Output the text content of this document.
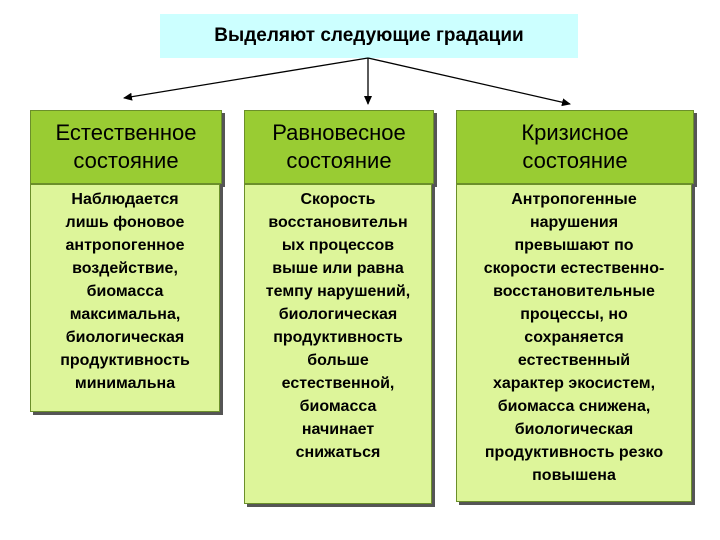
Выделяют следующие градации
Естественное
состояние
Наблюдается
лишь фоновое
антропогенное
воздействие,
биомасса
максимальна,
биологическая
продуктивность
минимальна
Равновесное
состояние
Скорость
восстановительн
ых процессов
выше или равна
темпу нарушений,
биологическая
продуктивность
больше
естественной,
биомасса
начинает
снижаться
Кризисное
состояние
Антропогенные
нарушения
превышают по
скорости естественно-
восстановительные
процессы, но
сохраняется
естественный
характер экосистем,
биомасса снижена,
биологическая
продуктивность резко
повышена
